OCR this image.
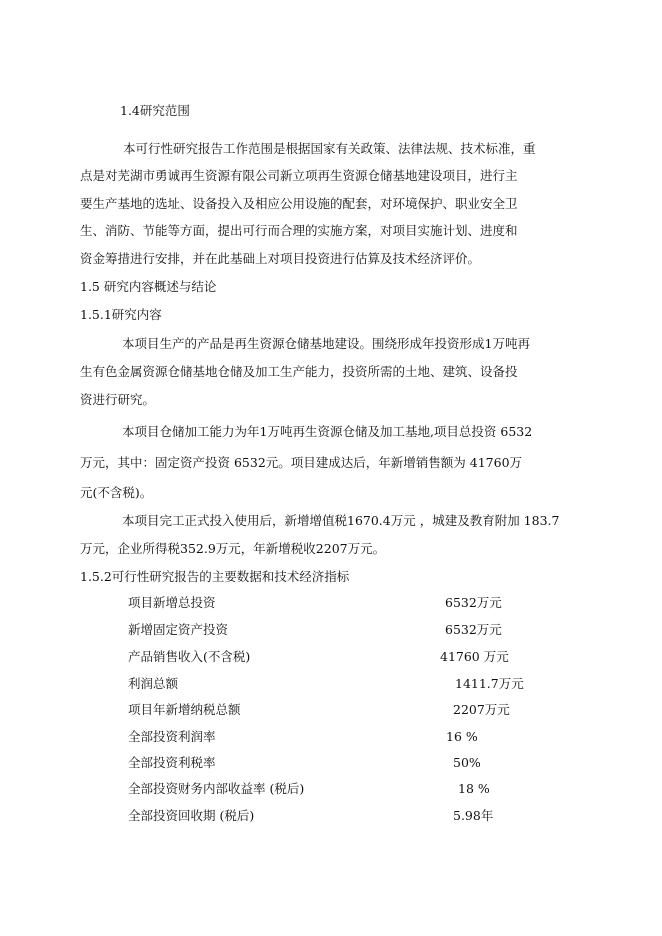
1.4研究范围
本可行性研究报告工作范围是根据国家有关政策、法律法规、技术标准，重
点是对芜湖市勇诚再生资源有限公司新立项再生资源仓储基地建设项目，进行主
要生产基地的选址、设备投入及相应公用设施的配套，对环境保护、职业安全卫
生、消防、节能等方面，提出可行而合理的实施方案，对项目实施计划、进度和
资金筹措进行安排，并在此基础上对项目投资进行估算及技术经济评价。
1.5 研究内容概述与结论
1.5.1研究内容
本项目生产的产品是再生资源仓储基地建设。围绕形成年投资形成1万吨再
生有色金属资源仓储基地仓储及加工生产能力，投资所需的土地、建筑、设备投
资进行研究。
本项目仓储加工能力为年1万吨再生资源仓储及加工基地,项目总投资 6532
万元，其中：固定资产投资 6532元。项目建成达后，年新增销售额为 41760万
元(不含税)。
本项目完工正式投入使用后，新增增值税1670.4万元 ，城建及教育附加 183.7
万元，企业所得税352.9万元，年新增税收2207万元。
1.5.2可行性研究报告的主要数据和技术经济指标
项目新增总投资	6532万元
新增固定资产投资	6532万元
产品销售收入(不含税)	41760 万元
利润总额	1411.7万元
项目年新增纳税总额	2207万元
全部投资利润率	16 %
全部投资利税率	50%
全部投资财务内部收益率 (税后)	18 %
全部投资回收期 (税后)	5.98年
